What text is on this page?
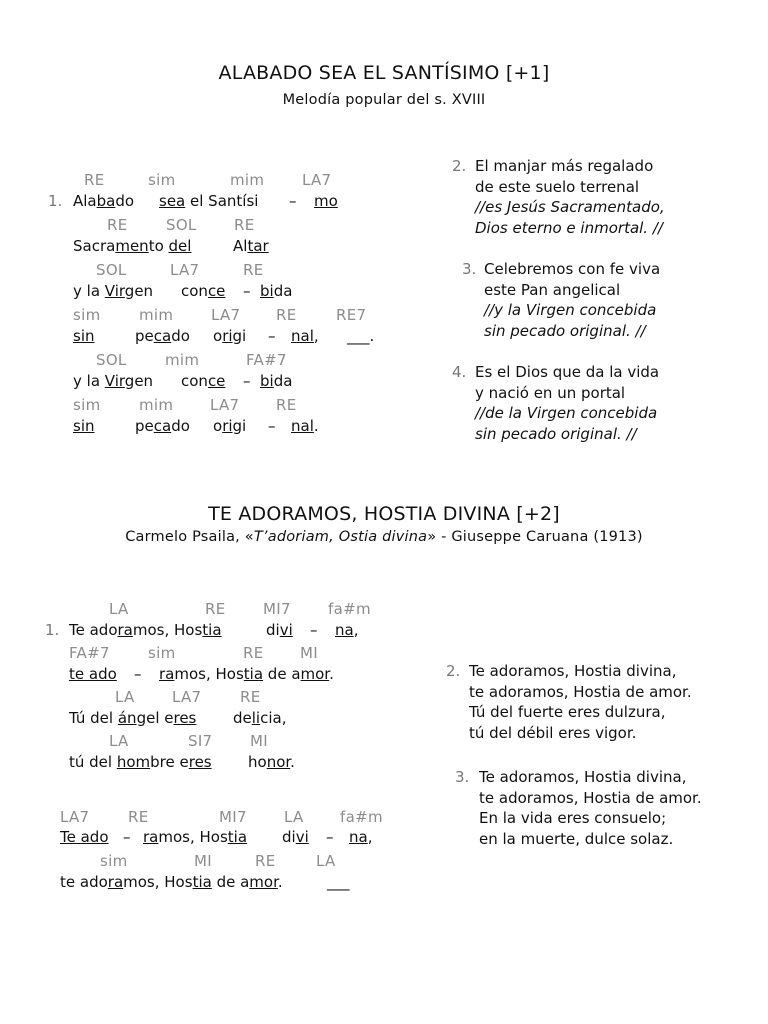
ALABADO SEA EL SANTÍSIMO [+1]
Melodía popular del s. XVIII
1.
RE	sim	mim	LA7
Alabado sea el Santísi – mo
RE	SOL RE
Sacramento del	Altar
SOL	LA7	RE
y la Virgen conce – bida
sim	mim	LA7 RE	RE7
sin	pecado origi – nal, ___.
SOL	mim	FA#7
y la Virgen conce – bida
sim	mim LA7 RE
sin	pecado origi – nal.
2. El manjar más regalado
de este suelo terrenal
//es Jesús Sacramentado,
Dios eterno e inmortal. //
3. Celebremos con fe viva
este Pan angelical
//y la Virgen concebida
sin pecado original. //
4. Es el Dios que da la vida
y nació en un portal
//de la Virgen concebida
sin pecado original. //
TE ADORAMOS, HOSTIA DIVINA [+2]
Carmelo Psaila, «T’adoriam, Ostia divina» - Giuseppe Caruana (1913)
1.
LA	RE	MI7 fa#m
Te adoramos, Hostia	divi – na,
FA#7	sim	RE MI
te ado – ramos, Hostia de amor.
LA LA7	RE
Tú del ángel eres delicia,
LA	SI7	MI
tú del hombre eres honor.
LA7	RE	MI7 LA fa#m
Te ado – ramos, Hostia divi – na,
sim	MI	RE	LA
te adoramos, Hostia de amor.	___
2. Te adoramos, Hostia divina,
te adoramos, Hostia de amor.
Tú del fuerte eres dulzura,
tú del débil eres vigor.
3. Te adoramos, Hostia divina,
te adoramos, Hostia de amor.
En la vida eres consuelo;
en la muerte, dulce solaz.
